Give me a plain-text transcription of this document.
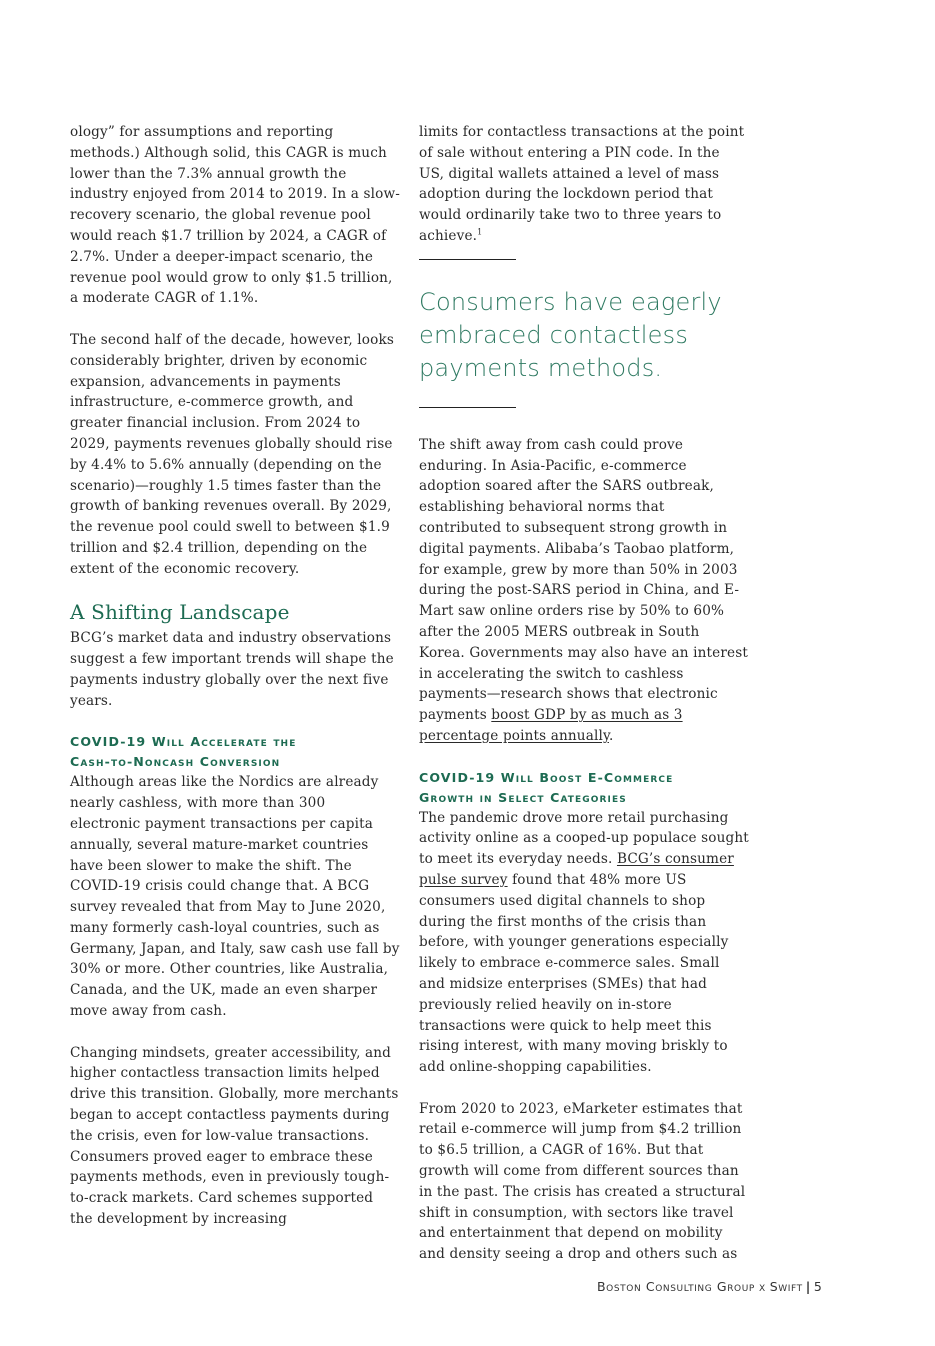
ology” for assumptions and reporting methods.) Although solid, this CAGR is much lower than the 7.3% annual growth the industry enjoyed from 2014 to 2019. In a slow-recovery scenario, the global revenue pool would reach $1.7 trillion by 2024, a CAGR of 2.7%. Under a deeper-impact scenario, the revenue pool would grow to only $1.5 trillion, a moderate CAGR of 1.1%.

The second half of the decade, however, looks considerably brighter, driven by economic expansion, advancements in payments infrastructure, e-commerce growth, and greater financial inclusion. From 2024 to 2029, payments revenues globally should rise by 4.4% to 5.6% annually (depending on the scenario)—roughly 1.5 times faster than the growth of banking revenues overall. By 2029, the revenue pool could swell to between $1.9 trillion and $2.4 trillion, depending on the extent of the economic recovery.

A Shifting Landscape

BCG’s market data and industry observations suggest a few important trends will shape the payments industry globally over the next five years.

COVID-19 Will Accelerate the
Cash-to-Noncash Conversion

Although areas like the Nordics are already nearly cashless, with more than 300 electronic payment transactions per capita annually, several mature-market countries have been slower to make the shift. The COVID-19 crisis could change that. A BCG survey revealed that from May to June 2020, many formerly cash-loyal countries, such as Germany, Japan, and Italy, saw cash use fall by 30% or more. Other countries, like Australia, Canada, and the UK, made an even sharper move away from cash.

Changing mindsets, greater accessibility, and higher contactless transaction limits helped drive this transition. Globally, more merchants began to accept contactless payments during the crisis, even for low-value transactions. Consumers proved eager to embrace these payments methods, even in previously tough-to-crack markets. Card schemes supported the development by increasing

limits for contactless transactions at the point of sale without entering a PIN code. In the US, digital wallets attained a level of mass adoption during the lockdown period that would ordinarily take two to three years to achieve.$^1$

Consumers have eagerly embraced contactless payments methods.

The shift away from cash could prove enduring. In Asia-Pacific, e-commerce adoption soared after the SARS outbreak, establishing behavioral norms that contributed to subsequent strong growth in digital payments. Alibaba’s Taobao platform, for example, grew by more than 50% in 2003 during the post-SARS period in China, and E-Mart saw online orders rise by 50% to 60% after the 2005 MERS outbreak in South Korea. Governments may also have an interest in accelerating the switch to cashless payments—research shows that electronic payments boost GDP by as much as 3 percentage points annually.

COVID-19 Will Boost E-Commerce
Growth in Select Categories

The pandemic drove more retail purchasing activity online as a cooped-up populace sought to meet its everyday needs. BCG’s consumer pulse survey found that 48% more US consumers used digital channels to shop during the first months of the crisis than before, with younger generations especially likely to embrace e-commerce sales. Small and midsize enterprises (SMEs) that had previously relied heavily on in-store transactions were quick to help meet this rising interest, with many moving briskly to add online-shopping capabilities.

From 2020 to 2023, eMarketer estimates that retail e-commerce will jump from $4.2 trillion to $6.5 trillion, a CAGR of 16%. But that growth will come from different sources than in the past. The crisis has created a structural shift in consumption, with sectors like travel and entertainment that depend on mobility and density seeing a drop and others such as

Boston Consulting Group x Swift | 5
